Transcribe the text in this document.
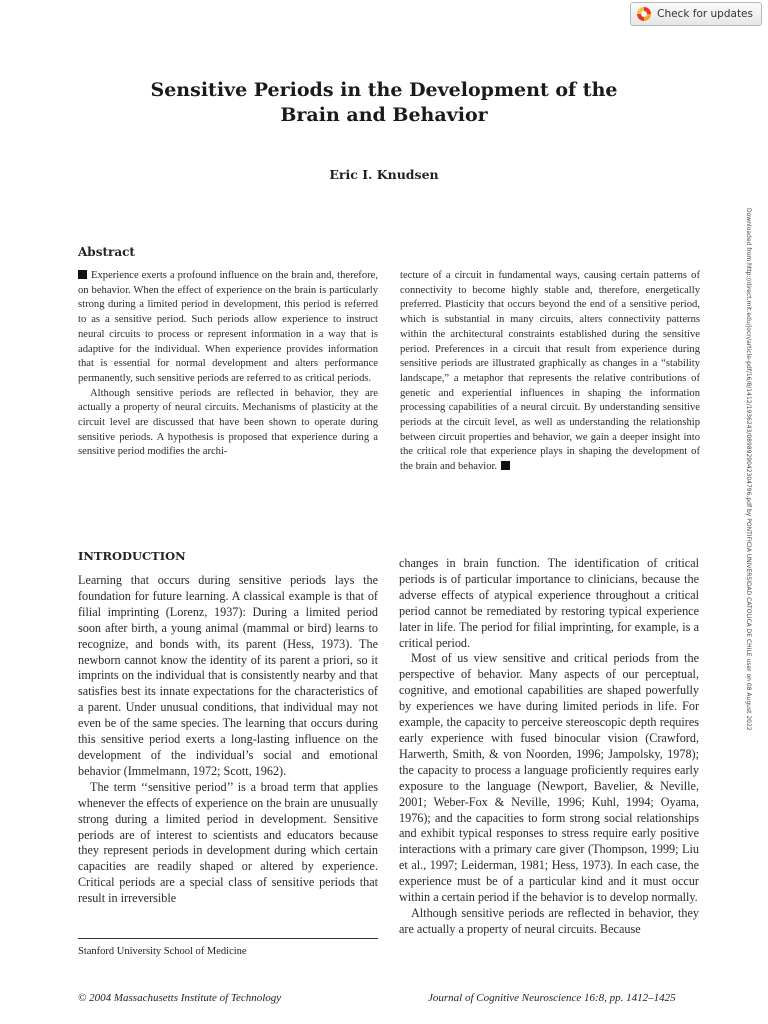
Check for updates
Sensitive Periods in the Development of the
Brain and Behavior
Eric I. Knudsen
Downloaded from http://direct.mit.edu/jocn/article-pdf/16/8/1412/1936243/0898929042304796.pdf by PONTIFICIA UNIVERSIDAD CATOLICA DE CHILE user on 08 August 2022
Abstract

Experience exerts a profound influence on the brain and, therefore, on behavior. When the effect of experience on the brain is particularly strong during a limited period in development, this period is referred to as a sensitive period. Such periods allow experience to instruct neural circuits to process or represent information in a way that is adaptive for the individual. When experience provides information that is essential for normal development and alters performance permanently, such sensitive periods are referred to as critical periods.

Although sensitive periods are reflected in behavior, they are actually a property of neural circuits. Mechanisms of plasticity at the circuit level are discussed that have been shown to operate during sensitive periods. A hypothesis is proposed that experience during a sensitive period modifies the archi-

tecture of a circuit in fundamental ways, causing certain patterns of connectivity to become highly stable and, therefore, energetically preferred. Plasticity that occurs beyond the end of a sensitive period, which is substantial in many circuits, alters connectivity patterns within the architectural constraints established during the sensitive period. Preferences in a circuit that result from experience during sensitive periods are illustrated graphically as changes in a “stability landscape,” a metaphor that represents the relative contributions of genetic and experiential influences in shaping the information processing capabilities of a neural circuit. By understanding sensitive periods at the circuit level, as well as understanding the relationship between circuit properties and behavior, we gain a deeper insight into the critical role that experience plays in shaping the development of the brain and behavior.

INTRODUCTION

Learning that occurs during sensitive periods lays the foundation for future learning. A classical example is that of filial imprinting (Lorenz, 1937): During a limited period soon after birth, a young animal (mammal or bird) learns to recognize, and bonds with, its parent (Hess, 1973). The newborn cannot know the identity of its parent a priori, so it imprints on the individual that is consistently nearby and that satisfies best its innate expectations for the characteristics of a parent. Under unusual conditions, that individual may not even be of the same species. The learning that occurs during this sensitive period exerts a long-lasting influence on the development of the individual’s social and emotional behavior (Immelmann, 1972; Scott, 1962).

The term ‘‘sensitive period’’ is a broad term that applies whenever the effects of experience on the brain are unusually strong during a limited period in development. Sensitive periods are of interest to scientists and educators because they represent periods in development during which certain capacities are readily shaped or altered by experience. Critical periods are a special class of sensitive periods that result in irreversible

changes in brain function. The identification of critical periods is of particular importance to clinicians, because the adverse effects of atypical experience throughout a critical period cannot be remediated by restoring typical experience later in life. The period for filial imprinting, for example, is a critical period.

Most of us view sensitive and critical periods from the perspective of behavior. Many aspects of our perceptual, cognitive, and emotional capabilities are shaped powerfully by experiences we have during limited periods in life. For example, the capacity to perceive stereoscopic depth requires early experience with fused binocular vision (Crawford, Harwerth, Smith, & von Noorden, 1996; Jampolsky, 1978); the capacity to process a language proficiently requires early exposure to the language (Newport, Bavelier, & Neville, 2001; Weber-Fox & Neville, 1996; Kuhl, 1994; Oyama, 1976); and the capacities to form strong social relationships and exhibit typical responses to stress require early positive interactions with a primary care giver (Thompson, 1999; Liu et al., 1997; Leiderman, 1981; Hess, 1973). In each case, the experience must be of a particular kind and it must occur within a certain period if the behavior is to develop normally.

Although sensitive periods are reflected in behavior, they are actually a property of neural circuits. Because

Stanford University School of Medicine
© 2004 Massachusetts Institute of Technology	Journal of Cognitive Neuroscience 16:8, pp. 1412–1425
